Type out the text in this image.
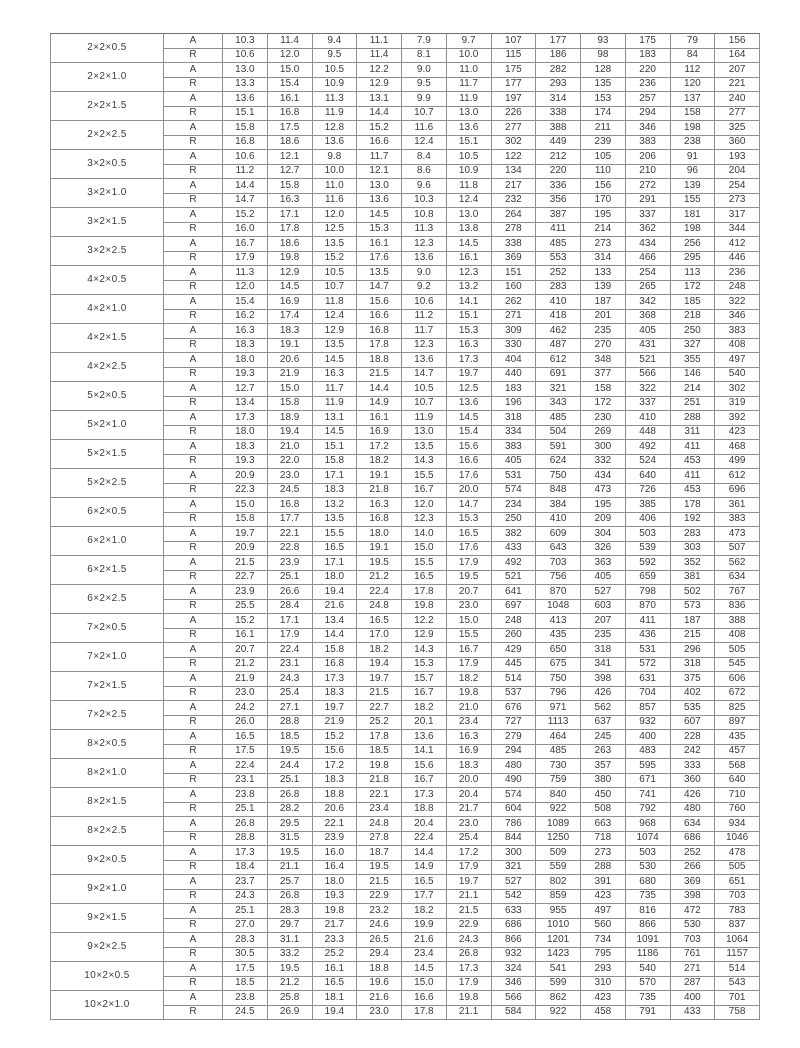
2×2×0.5	A	10.3	11.4	9.4	11.1	7.9	9.7	107	177	93	175	79	156
	R	10.6	12.0	9.5	11.4	8.1	10.0	115	186	98	183	84	164
2×2×1.0	A	13.0	15.0	10.5	12.2	9.0	11.0	175	282	128	220	112	207
	R	13.3	15.4	10.9	12.9	9.5	11.7	177	293	135	236	120	221
2×2×1.5	A	13.6	16.1	11.3	13.1	9.9	11.9	197	314	153	257	137	240
	R	15.1	16.8	11.9	14.4	10.7	13.0	226	338	174	294	158	277
2×2×2.5	A	15.8	17.5	12.8	15.2	11.6	13.6	277	388	211	346	198	325
	R	16.8	18.6	13.6	16.6	12.4	15.1	302	449	239	383	238	360
3×2×0.5	A	10.6	12.1	9.8	11.7	8.4	10.5	122	212	105	206	91	193
	R	11.2	12.7	10.0	12.1	8.6	10.9	134	220	110	210	96	204
3×2×1.0	A	14.4	15.8	11.0	13.0	9.6	11.8	217	336	156	272	139	254
	R	14.7	16.3	11.6	13.6	10.3	12.4	232	356	170	291	155	273
3×2×1.5	A	15.2	17.1	12.0	14.5	10.8	13.0	264	387	195	337	181	317
	R	16.0	17.8	12.5	15.3	11.3	13.8	278	411	214	362	198	344
3×2×2.5	A	16.7	18.6	13.5	16.1	12.3	14.5	338	485	273	434	256	412
	R	17.9	19.8	15.2	17.6	13.6	16.1	369	553	314	466	295	446
4×2×0.5	A	11.3	12.9	10.5	13.5	9.0	12.3	151	252	133	254	113	236
	R	12.0	14.5	10.7	14.7	9.2	13.2	160	283	139	265	172	248
4×2×1.0	A	15.4	16.9	11.8	15.6	10.6	14.1	262	410	187	342	185	322
	R	16.2	17.4	12.4	16.6	11.2	15.1	271	418	201	368	218	346
4×2×1.5	A	16.3	18.3	12.9	16.8	11.7	15.3	309	462	235	405	250	383
	R	18.3	19.1	13.5	17.8	12.3	16.3	330	487	270	431	327	408
4×2×2.5	A	18.0	20.6	14.5	18.8	13.6	17.3	404	612	348	521	355	497
	R	19.3	21.9	16.3	21.5	14.7	19.7	440	691	377	566	146	540
5×2×0.5	A	12.7	15.0	11.7	14.4	10.5	12.5	183	321	158	322	214	302
	R	13.4	15.8	11.9	14.9	10.7	13.6	196	343	172	337	251	319
5×2×1.0	A	17.3	18.9	13.1	16.1	11.9	14.5	318	485	230	410	288	392
	R	18.0	19.4	14.5	16.9	13.0	15.4	334	504	269	448	311	423
5×2×1.5	A	18.3	21.0	15.1	17.2	13.5	15.6	383	591	300	492	411	468
	R	19.3	22.0	15.8	18.2	14.3	16.6	405	624	332	524	453	499
5×2×2.5	A	20.9	23.0	17.1	19.1	15.5	17.6	531	750	434	640	411	612
	R	22.3	24.5	18.3	21.8	16.7	20.0	574	848	473	726	453	696
6×2×0.5	A	15.0	16.8	13.2	16.3	12.0	14.7	234	384	195	385	178	361
	R	15.8	17.7	13.5	16.8	12.3	15.3	250	410	209	406	192	383
6×2×1.0	A	19.7	22.1	15.5	18.0	14.0	16.5	382	609	304	503	283	473
	R	20.9	22.8	16.5	19.1	15.0	17.6	433	643	326	539	303	507
6×2×1.5	A	21.5	23.9	17.1	19.5	15.5	17.9	492	703	363	592	352	562
	R	22.7	25.1	18.0	21.2	16.5	19.5	521	756	405	659	381	634
6×2×2.5	A	23.9	26.6	19.4	22.4	17.8	20.7	641	870	527	798	502	767
	R	25.5	28.4	21.6	24.8	19.8	23.0	697	1048	603	870	573	836
7×2×0.5	A	15.2	17.1	13.4	16.5	12.2	15.0	248	413	207	411	187	388
	R	16.1	17.9	14.4	17.0	12.9	15.5	260	435	235	436	215	408
7×2×1.0	A	20.7	22.4	15.8	18.2	14.3	16.7	429	650	318	531	296	505
	R	21.2	23.1	16.8	19.4	15.3	17.9	445	675	341	572	318	545
7×2×1.5	A	21.9	24.3	17.3	19.7	15.7	18.2	514	750	398	631	375	606
	R	23.0	25.4	18.3	21.5	16.7	19.8	537	796	426	704	402	672
7×2×2.5	A	24.2	27.1	19.7	22.7	18.2	21.0	676	971	562	857	535	825
	R	26.0	28.8	21.9	25.2	20.1	23.4	727	1113	637	932	607	897
8×2×0.5	A	16.5	18.5	15.2	17.8	13.6	16.3	279	464	245	400	228	435
	R	17.5	19.5	15.6	18.5	14.1	16.9	294	485	263	483	242	457
8×2×1.0	A	22.4	24.4	17.2	19.8	15.6	18.3	480	730	357	595	333	568
	R	23.1	25.1	18.3	21.8	16.7	20.0	490	759	380	671	360	640
8×2×1.5	A	23.8	26.8	18.8	22.1	17.3	20.4	574	840	450	741	426	710
	R	25.1	28.2	20.6	23.4	18.8	21.7	604	922	508	792	480	760
8×2×2.5	A	26.8	29.5	22.1	24.8	20.4	23.0	786	1089	663	968	634	934
	R	28.8	31.5	23.9	27.8	22.4	25.4	844	1250	718	1074	686	1046
9×2×0.5	A	17.3	19.5	16.0	18.7	14.4	17.2	300	509	273	503	252	478
	R	18.4	21.1	16.4	19.5	14.9	17.9	321	559	288	530	266	505
9×2×1.0	A	23.7	25.7	18.0	21.5	16.5	19.7	527	802	391	680	369	651
	R	24.3	26.8	19.3	22.9	17.7	21.1	542	859	423	735	398	703
9×2×1.5	A	25.1	28.3	19.8	23.2	18.2	21.5	633	955	497	816	472	783
	R	27.0	29.7	21.7	24.6	19.9	22.9	686	1010	560	866	530	837
9×2×2.5	A	28.3	31.1	23.3	26.5	21.6	24.3	866	1201	734	1091	703	1064
	R	30.5	33.2	25.2	29.4	23.4	26.8	932	1423	795	1186	761	1157
10×2×0.5	A	17.5	19.5	16.1	18.8	14.5	17.3	324	541	293	540	271	514
	R	18.5	21.2	16.5	19.6	15.0	17.9	346	599	310	570	287	543
10×2×1.0	A	23.8	25.8	18.1	21.6	16.6	19.8	566	862	423	735	400	701
	R	24.5	26.9	19.4	23.0	17.8	21.1	584	922	458	791	433	758
